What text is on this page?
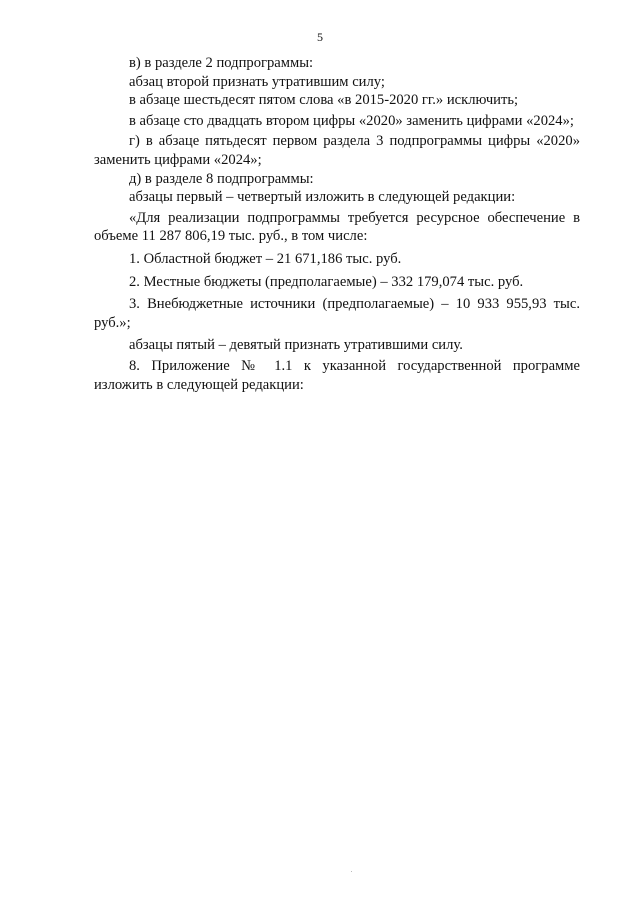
5

в) в разделе 2 подпрограммы:

абзац второй признать утратившим силу;

в абзаце шестьдесят пятом слова «в 2015-2020 гг.» исключить;

в абзаце сто двадцать втором цифры «2020» заменить цифрами «2024»;

г) в абзаце пятьдесят первом раздела 3 подпрограммы цифры «2020» заменить цифрами «2024»;

д) в разделе 8 подпрограммы:

абзацы первый – четвертый изложить в следующей редакции:

«Для реализации подпрограммы требуется ресурсное обеспечение в объеме 11 287 806,19 тыс. руб., в том числе:

1. Областной бюджет – 21 671,186 тыс. руб.

2. Местные бюджеты (предполагаемые) – 332 179,074 тыс. руб.

3. Внебюджетные источники (предполагаемые) – 10 933 955,93 тыс. руб.»;

абзацы пятый – девятый признать утратившими силу.

8. Приложение № 1.1 к указанной государственной программе изложить в следующей редакции:
